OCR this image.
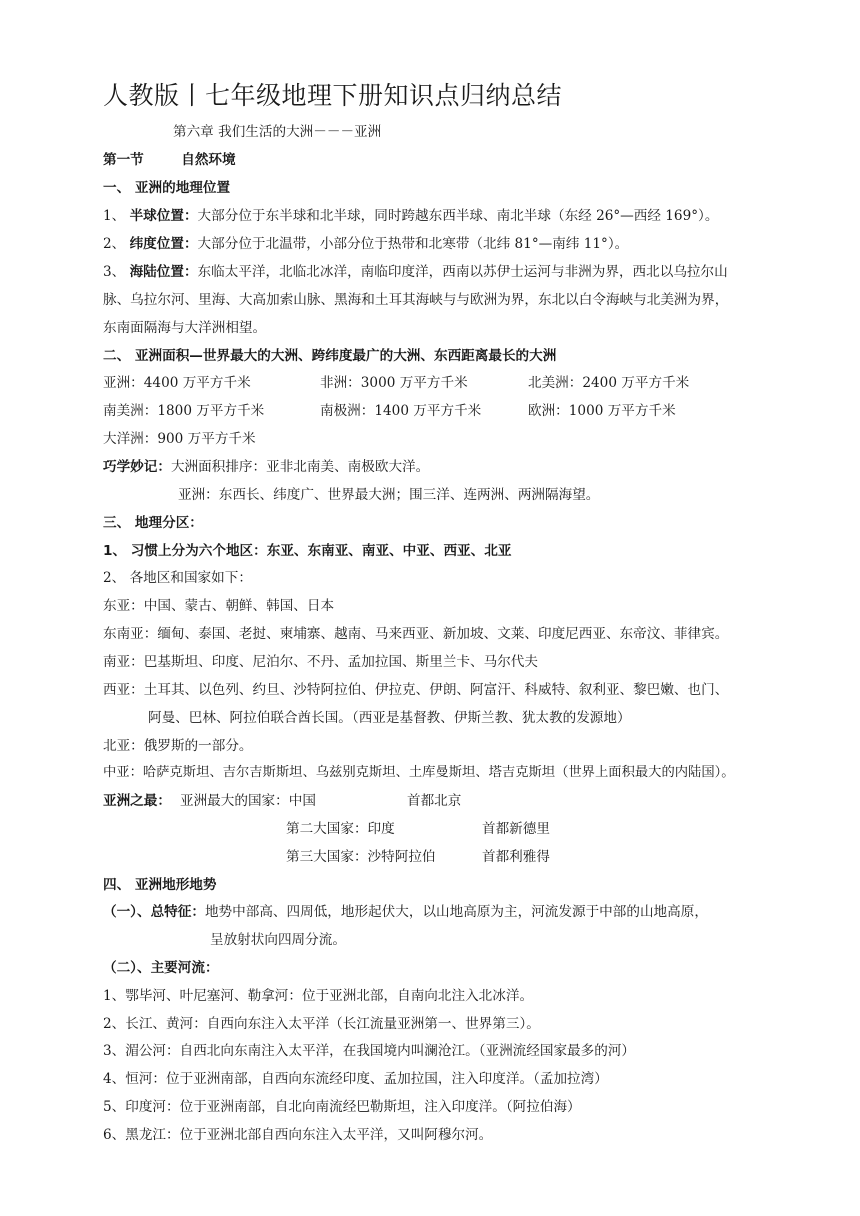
人教版丨七年级地理下册知识点归纳总结
第六章 我们生活的大洲－－－亚洲
第一节	自然环境
一、 亚洲的地理位置
1、 半球位置：大部分位于东半球和北半球，同时跨越东西半球、南北半球（东经 26°—西经 169°）。
2、 纬度位置：大部分位于北温带，小部分位于热带和北寒带（北纬 81°—南纬 11°）。
3、 海陆位置：东临太平洋，北临北冰洋，南临印度洋，西南以苏伊士运河与非洲为界，西北以乌拉尔山
脉、乌拉尔河、里海、大高加索山脉、黑海和土耳其海峡与与欧洲为界，东北以白令海峡与北美洲为界，
东南面隔海与大洋洲相望。
二、 亚洲面积—世界最大的大洲、跨纬度最广的大洲、东西距离最长的大洲
亚洲：4400 万平方千米	非洲：3000 万平方千米	北美洲：2400 万平方千米
南美洲：1800 万平方千米	南极洲：1400 万平方千米	欧洲：1000 万平方千米
大洋洲：900 万平方千米
巧学妙记：大洲面积排序：亚非北南美、南极欧大洋。
亚洲：东西长、纬度广、世界最大洲；围三洋、连两洲、两洲隔海望。
三、 地理分区：
1、 习惯上分为六个地区：东亚、东南亚、南亚、中亚、西亚、北亚
2、 各地区和国家如下：
东亚：中国、蒙古、朝鲜、韩国、日本
东南亚：缅甸、泰国、老挝、柬埔寨、越南、马来西亚、新加坡、文莱、印度尼西亚、东帝汶、菲律宾。
南亚：巴基斯坦、印度、尼泊尔、不丹、孟加拉国、斯里兰卡、马尔代夫
西亚：土耳其、以色列、约旦、沙特阿拉伯、伊拉克、伊朗、阿富汗、科威特、叙利亚、黎巴嫩、也门、
阿曼、巴林、阿拉伯联合酋长国。（西亚是基督教、伊斯兰教、犹太教的发源地）
北亚：俄罗斯的一部分。
中亚：哈萨克斯坦、吉尔吉斯斯坦、乌兹别克斯坦、土库曼斯坦、塔吉克斯坦（世界上面积最大的内陆国）。
亚洲之最： 亚洲最大的国家：中国	首都北京
第二大国家：印度	首都新德里
第三大国家：沙特阿拉伯	首都利雅得
四、 亚洲地形地势
（一）、总特征：地势中部高、四周低，地形起伏大，以山地高原为主，河流发源于中部的山地高原，
呈放射状向四周分流。
（二）、主要河流：
1、鄂毕河、叶尼塞河、勒拿河：位于亚洲北部，自南向北注入北冰洋。
2、长江、黄河：自西向东注入太平洋（长江流量亚洲第一、世界第三）。
3、湄公河：自西北向东南注入太平洋，在我国境内叫澜沧江。（亚洲流经国家最多的河）
4、恒河：位于亚洲南部，自西向东流经印度、孟加拉国，注入印度洋。（孟加拉湾）
5、印度河：位于亚洲南部，自北向南流经巴勒斯坦，注入印度洋。（阿拉伯海）
6、黑龙江：位于亚洲北部自西向东注入太平洋，又叫阿穆尔河。
